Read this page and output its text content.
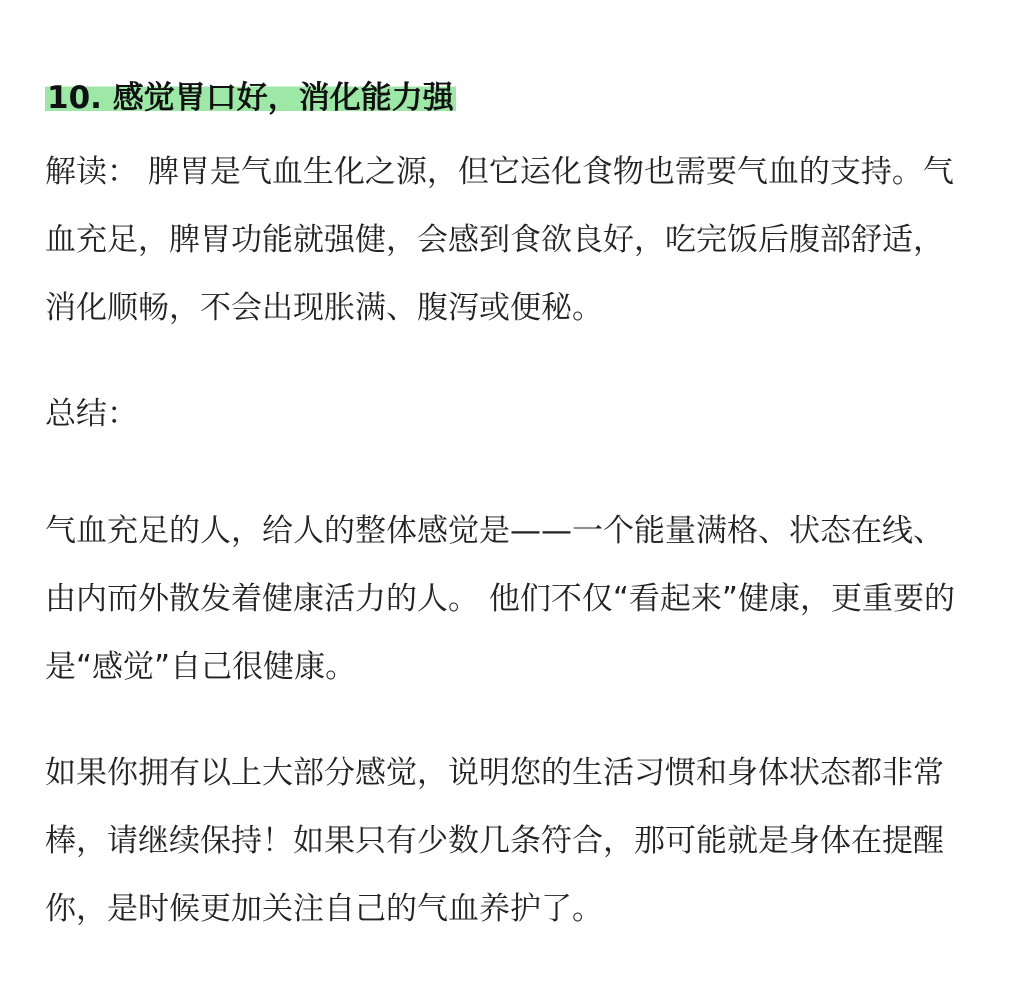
10. 感觉胃口好，消化能力强

解读： 脾胃是气血生化之源，但它运化食物也需要气血的支持。气血充足，脾胃功能就强健，会感到食欲良好，吃完饭后腹部舒适，消化顺畅，不会出现胀满、腹泻或便秘。

总结：

气血充足的人，给人的整体感觉是——一个能量满格、状态在线、由内而外散发着健康活力的人。 他们不仅“看起来”健康，更重要的是“感觉”自己很健康。

如果你拥有以上大部分感觉，说明您的生活习惯和身体状态都非常棒，请继续保持！如果只有少数几条符合，那可能就是身体在提醒你，是时候更加关注自己的气血养护了。
